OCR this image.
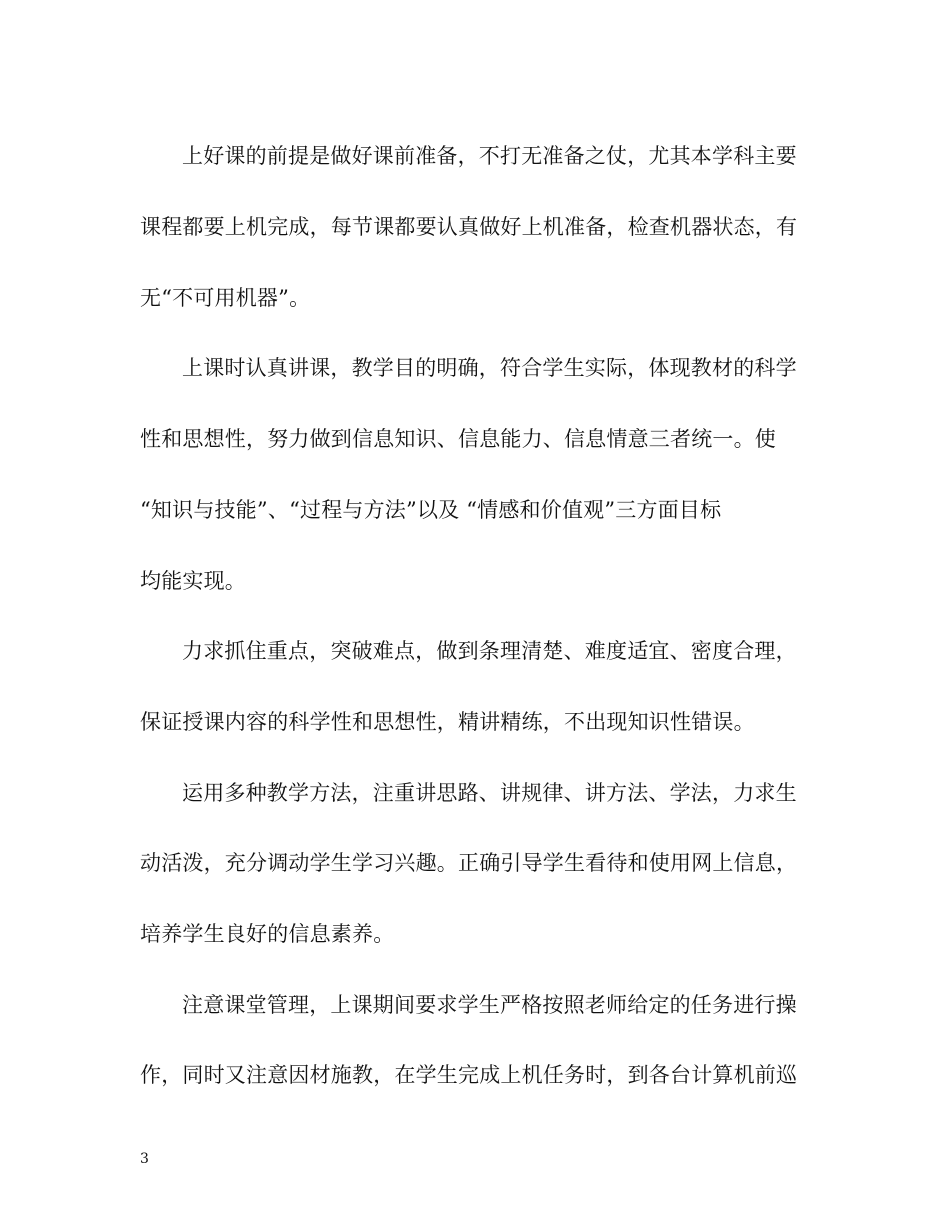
上好课的前提是做好课前准备，不打无准备之仗，尤其本学科主要
课程都要上机完成，每节课都要认真做好上机准备，检查机器状态，有
无“不可用机器”。
上课时认真讲课，教学目的明确，符合学生实际，体现教材的科学
性和思想性，努力做到信息知识、信息能力、信息情意三者统一。使
“知识与技能”、“过程与方法”以及 “情感和价值观”三方面目标
均能实现。
力求抓住重点，突破难点，做到条理清楚、难度适宜、密度合理，
保证授课内容的科学性和思想性，精讲精练，不出现知识性错误。
运用多种教学方法，注重讲思路、讲规律、讲方法、学法，力求生
动活泼，充分调动学生学习兴趣。正确引导学生看待和使用网上信息，
培养学生良好的信息素养。
注意课堂管理，上课期间要求学生严格按照老师给定的任务进行操
作，同时又注意因材施教，在学生完成上机任务时，到各台计算机前巡
3
